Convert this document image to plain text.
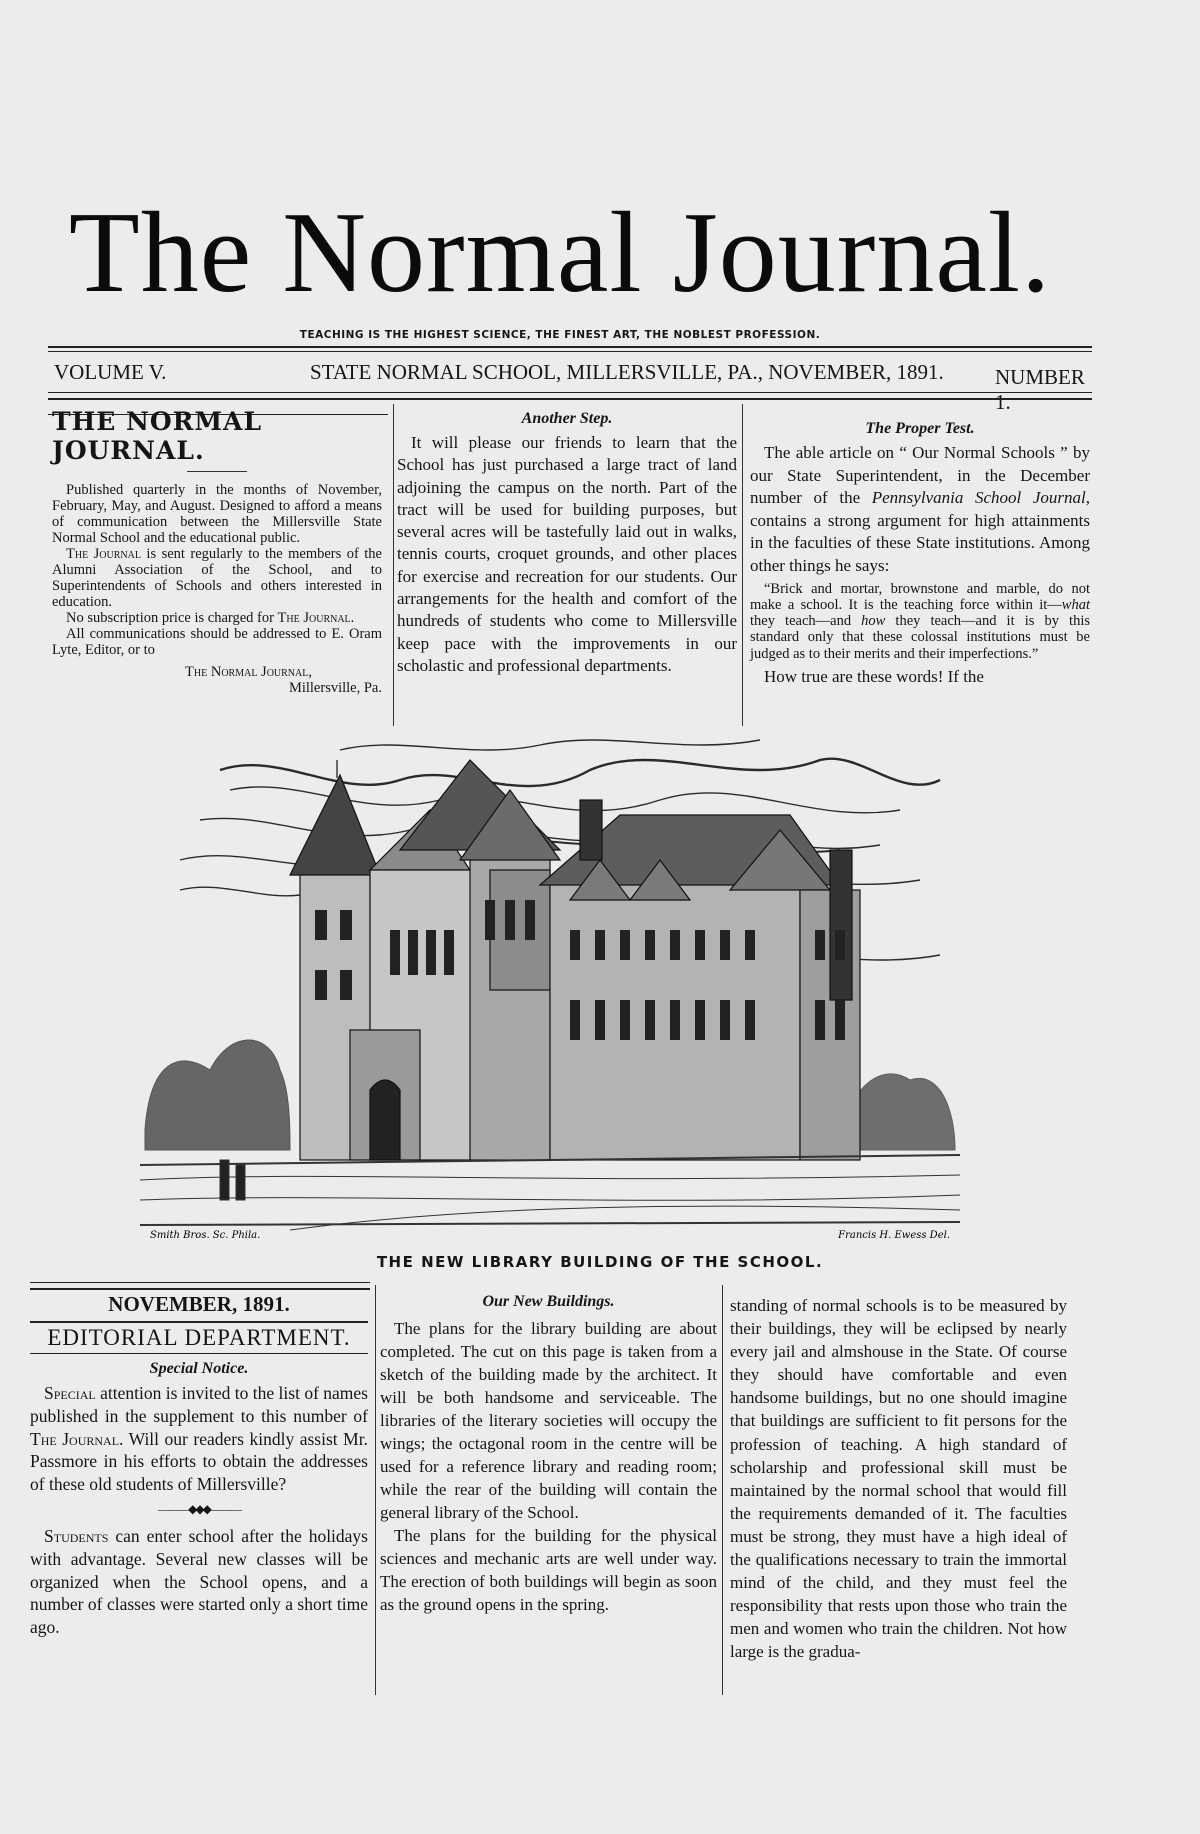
The Normal Journal.
TEACHING IS THE HIGHEST SCIENCE, THE FINEST ART, THE NOBLEST PROFESSION.
VOLUME V.	STATE NORMAL SCHOOL, MILLERSVILLE, PA., NOVEMBER, 1891. NUMBER 1.

THE NORMAL JOURNAL.

Published quarterly in the months of November, February, May, and August. Designed to afford a means of communication between the Millersville State Normal School and the educational public.

The Journal is sent regularly to the members of the Alumni Association of the School, and to Superintendents of Schools and others interested in education.

No subscription price is charged for The Journal.

All communications should be addressed to E. Oram Lyte, Editor, or to

The Normal Journal,

Millersville, Pa.

Another Step.

It will please our friends to learn that the School has just purchased a large tract of land adjoining the campus on the north. Part of the tract will be used for building purposes, but several acres will be tastefully laid out in walks, tennis courts, croquet grounds, and other places for exercise and recreation for our students. Our arrangements for the health and comfort of the hundreds of students who come to Millersville keep pace with the improvements in our scholastic and professional departments.

The Proper Test.

The able article on “ Our Normal Schools ” by our State Superintendent, in the December number of the Pennsylvania School Journal, contains a strong argument for high attainments in the faculties of these State institutions. Among other things he says:

“Brick and mortar, brownstone and marble, do not make a school. It is the teaching force within it—what they teach—and how they teach—and it is by this standard only that these colossal institutions must be judged as to their merits and their imperfections.”

How true are these words! If the

Smith Bros. Sc. Phila.	Francis H. Ewess Del.
THE NEW LIBRARY BUILDING OF THE SCHOOL.
NOVEMBER, 1891.
EDITORIAL DEPARTMENT.

Special Notice.

Special attention is invited to the list of names published in the supplement to this number of The Journal. Will our readers kindly assist Mr. Passmore in his efforts to obtain the addresses of these old students of Millersville?

———◆◆◆———

Students can enter school after the holidays with advantage. Several new classes will be organized when the School opens, and a number of classes were started only a short time ago.

Our New Buildings.

The plans for the library building are about completed. The cut on this page is taken from a sketch of the building made by the architect. It will be both handsome and serviceable. The libraries of the literary societies will occupy the wings; the octagonal room in the centre will be used for a reference library and reading room; while the rear of the building will contain the general library of the School.

The plans for the building for the physical sciences and mechanic arts are well under way. The erection of both buildings will begin as soon as the ground opens in the spring.

standing of normal schools is to be measured by their buildings, they will be eclipsed by nearly every jail and almshouse in the State. Of course they should have comfortable and even handsome buildings, but no one should imagine that buildings are sufficient to fit persons for the profession of teaching. A high standard of scholarship and professional skill must be maintained by the normal school that would fill the requirements demanded of it. The faculties must be strong, they must have a high ideal of the qualifications necessary to train the immortal mind of the child, and they must feel the responsibility that rests upon those who train the men and women who train the children. Not how large is the gradua-
